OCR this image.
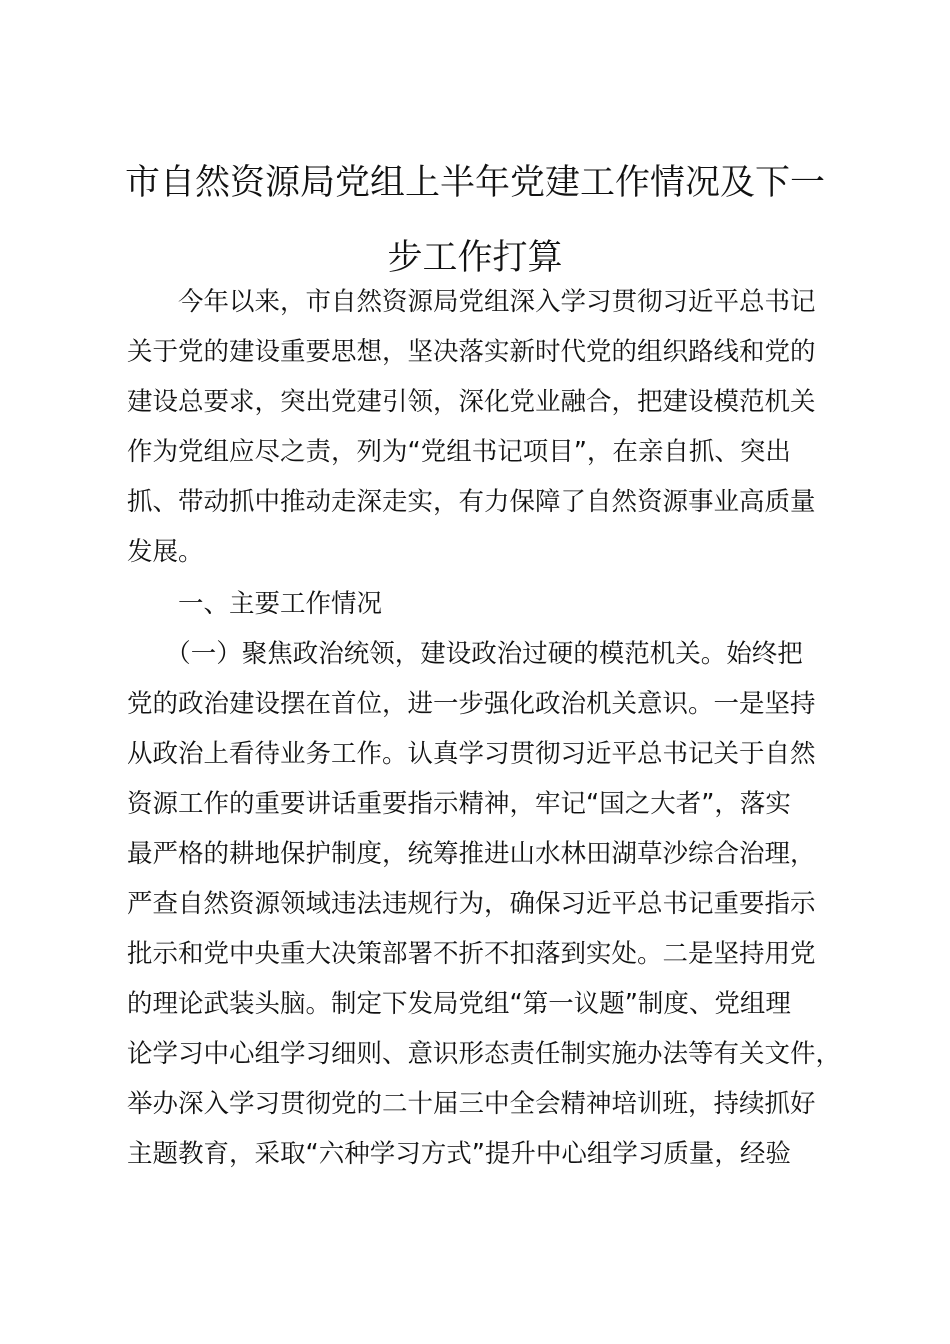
市自然资源局党组上半年党建工作情况及下一
步工作打算

　　今年以来，市自然资源局党组深入学习贯彻习近平总书记

关于党的建设重要思想，坚决落实新时代党的组织路线和党的

建设总要求，突出党建引领，深化党业融合，把建设模范机关

作为党组应尽之责，列为“党组书记项目”，在亲自抓、突出

抓、带动抓中推动走深走实，有力保障了自然资源事业高质量

发展。

　　一、主要工作情况

　　（一）聚焦政治统领，建设政治过硬的模范机关。始终把

党的政治建设摆在首位，进一步强化政治机关意识。一是坚持

从政治上看待业务工作。认真学习贯彻习近平总书记关于自然

资源工作的重要讲话重要指示精神，牢记“国之大者”，落实

最严格的耕地保护制度，统筹推进山水林田湖草沙综合治理，

严查自然资源领域违法违规行为，确保习近平总书记重要指示

批示和党中央重大决策部署不折不扣落到实处。二是坚持用党

的理论武装头脑。制定下发局党组“第一议题”制度、党组理

论学习中心组学习细则、意识形态责任制实施办法等有关文件，

举办深入学习贯彻党的二十届三中全会精神培训班，持续抓好

主题教育，采取“六种学习方式”提升中心组学习质量，经验
